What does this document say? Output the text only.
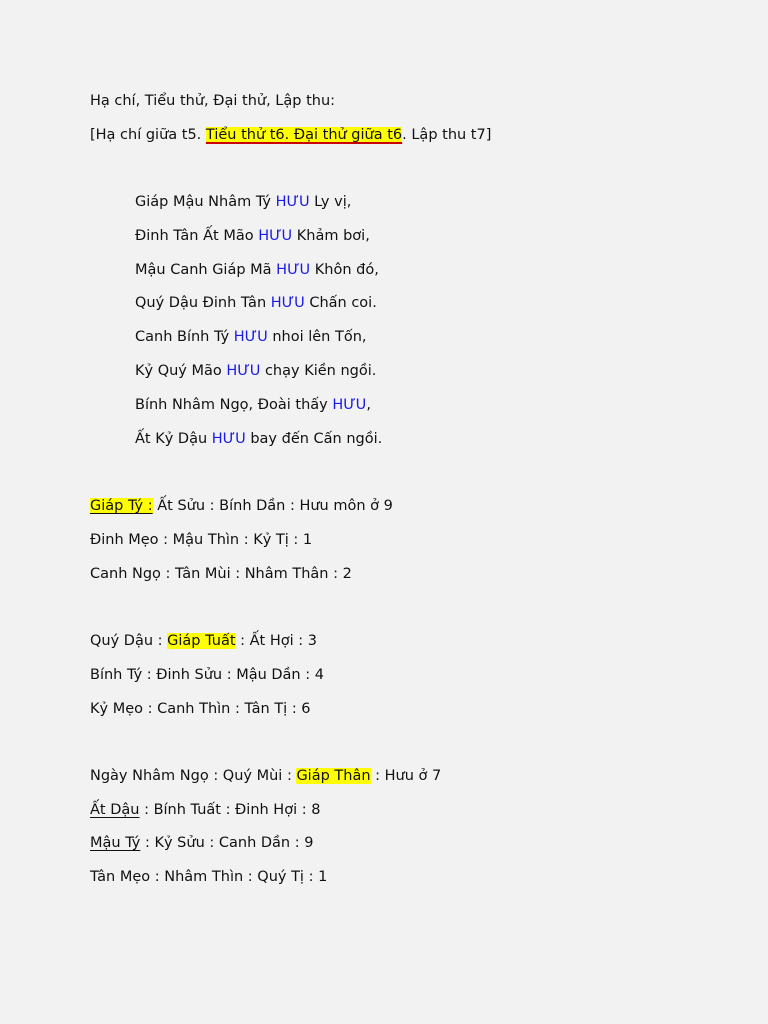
Hạ chí, Tiểu thử, Đại thử, Lập thu:
[Hạ chí giữa t5. Tiểu thử t6. Đại thử giữa t6. Lập thu t7]
Giáp Mậu Nhâm Tý HƯU Ly vị,
Đinh Tân Ất Mão HƯU Khảm bơi,
Mậu Canh Giáp Mã HƯU Khôn đó,
Quý Dậu Đinh Tân HƯU Chấn coi.
Canh Bính Tý HƯU nhoi lên Tốn,
Kỷ Quý Mão HƯU chạy Kiền ngồi.
Bính Nhâm Ngọ, Đoài thấy HƯU,
Ất Kỷ Dậu HƯU bay đến Cấn ngồi.
Giáp Tý : Ất Sửu : Bính Dần : Hưu môn ở 9
Đinh Mẹo : Mậu Thìn : Kỷ Tị : 1
Canh Ngọ : Tân Mùi : Nhâm Thân : 2
Quý Dậu : Giáp Tuất : Ất Hợi : 3
Bính Tý : Đinh Sửu : Mậu Dần : 4
Kỷ Mẹo : Canh Thìn : Tân Tị : 6
Ngày Nhâm Ngọ : Quý Mùi : Giáp Thân : Hưu ở 7
Ất Dậu : Bính Tuất : Đinh Hợi : 8
Mậu Tý : Kỷ Sửu : Canh Dần : 9
Tân Mẹo : Nhâm Thìn : Quý Tị : 1
